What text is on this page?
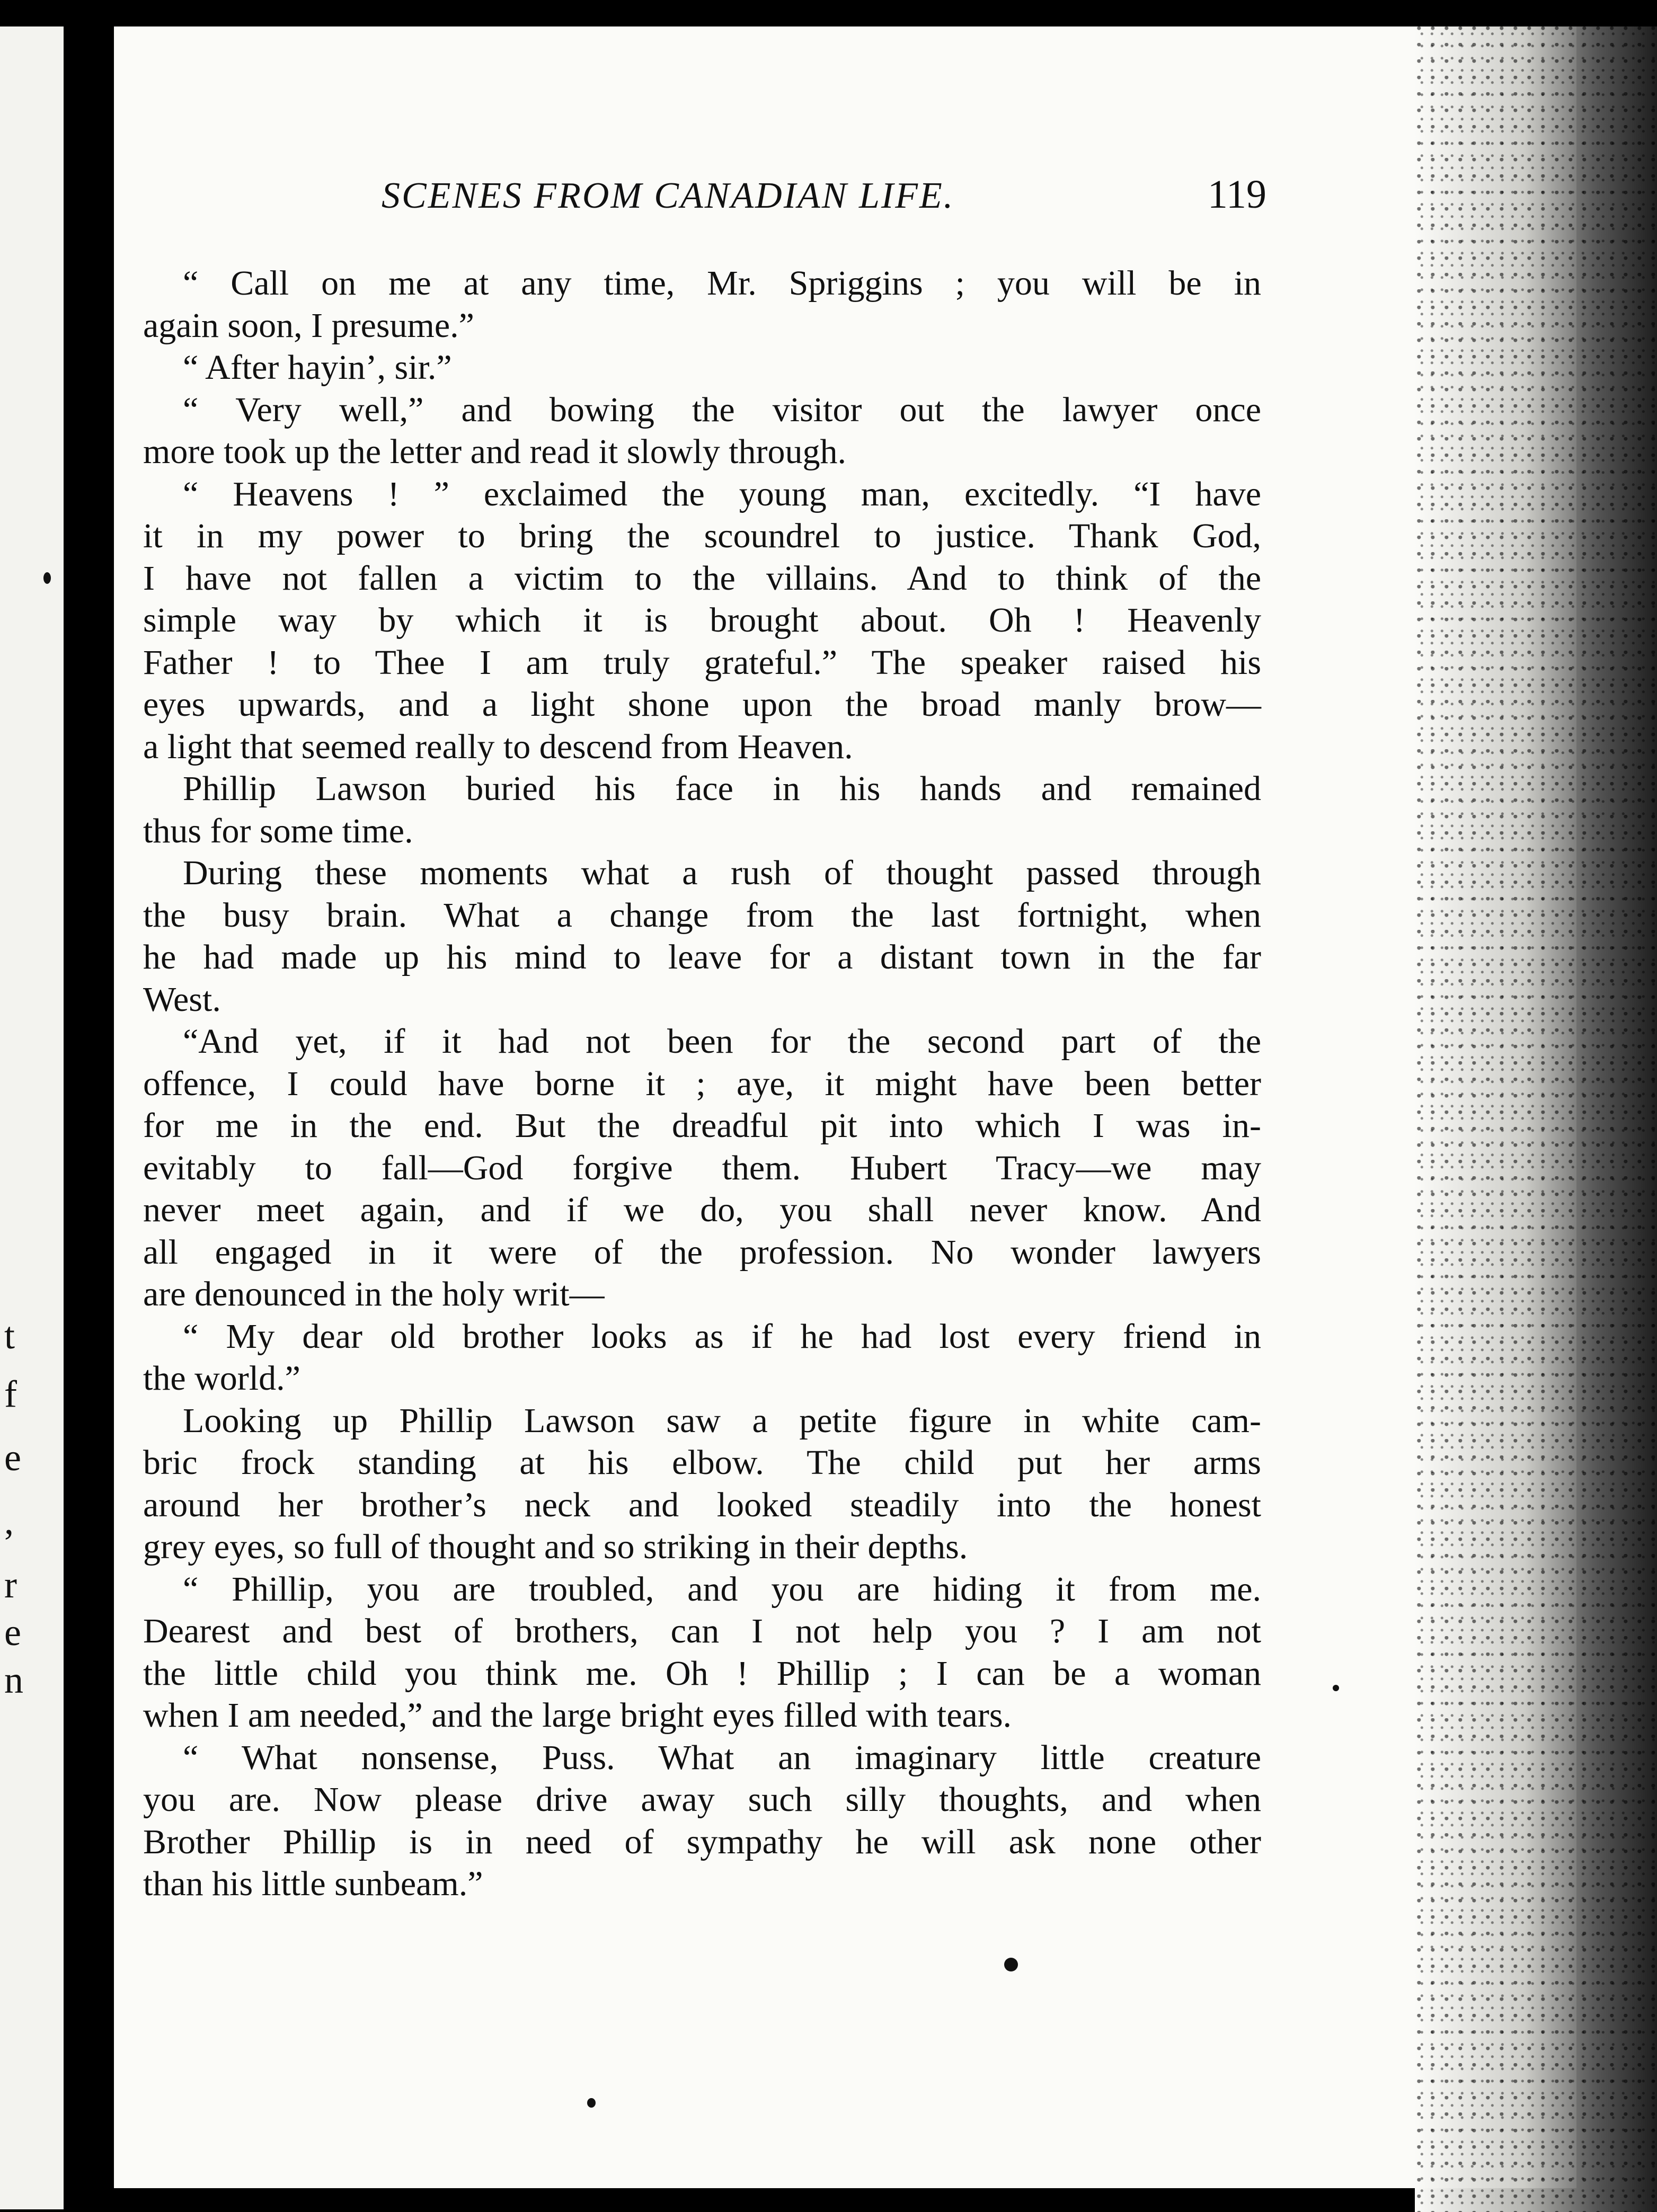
t
f
e
,
r
e
n
SCENES FROM CANADIAN LIFE.	119
“ Call on me at any time, Mr. Spriggins ; you will be in
again soon, I presume.”
“ After hayin’, sir.”
“ Very well,” and bowing the visitor out the lawyer once
more took up the letter and read it slowly through.
“ Heavens ! ” exclaimed the young man, excitedly. “I have
it in my power to bring the scoundrel to justice. Thank God,
I have not fallen a victim to the villains. And to think of the
simple way by which it is brought about. Oh ! Heavenly
Father ! to Thee I am truly grateful.” The speaker raised his
eyes upwards, and a light shone upon the broad manly brow—
a light that seemed really to descend from Heaven.
Phillip Lawson buried his face in his hands and remained
thus for some time.
During these moments what a rush of thought passed through
the busy brain. What a change from the last fortnight, when
he had made up his mind to leave for a distant town in the far
West.
“And yet, if it had not been for the second part of the
offence, I could have borne it ; aye, it might have been better
for me in the end. But the dreadful pit into which I was in-
evitably to fall—God forgive them. Hubert Tracy—we may
never meet again, and if we do, you shall never know. And
all engaged in it were of the profession. No wonder lawyers
are denounced in the holy writ—
“ My dear old brother looks as if he had lost every friend in
the world.”
Looking up Phillip Lawson saw a petite figure in white cam-
bric frock standing at his elbow. The child put her arms
around her brother’s neck and looked steadily into the honest
grey eyes, so full of thought and so striking in their depths.
“ Phillip, you are troubled, and you are hiding it from me.
Dearest and best of brothers, can I not help you ? I am not
the little child you think me. Oh ! Phillip ; I can be a woman
when I am needed,” and the large bright eyes filled with tears.
“ What nonsense, Puss. What an imaginary little creature
you are. Now please drive away such silly thoughts, and when
Brother Phillip is in need of sympathy he will ask none other
than his little sunbeam.”
